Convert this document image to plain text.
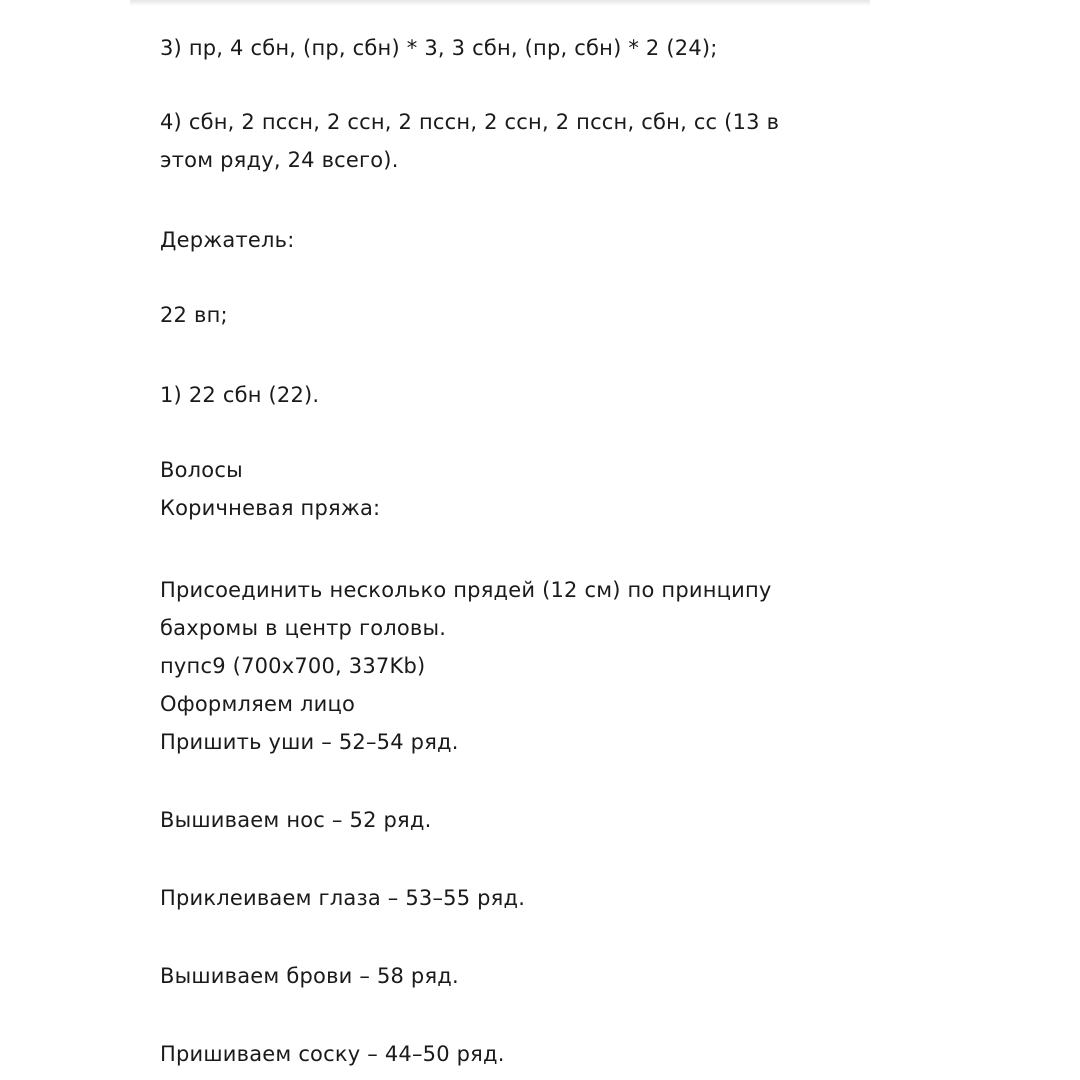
3) пр, 4 сбн, (пр, сбн) * 3, 3 сбн, (пр, сбн) * 2 (24);

4) сбн, 2 пссн, 2 ссн, 2 пссн, 2 ссн, 2 пссн, сбн, сс (13 в

этом ряду, 24 всего).

Держатель:

22 вп;

1) 22 сбн (22).

Волосы

Коричневая пряжа:

Присоединить несколько прядей (12 см) по принципу

бахромы в центр головы.

пупс9 (700x700, 337Kb)

Оформляем лицо

Пришить уши – 52–54 ряд.

Вышиваем нос – 52 ряд.

Приклеиваем глаза – 53–55 ряд.

Вышиваем брови – 58 ряд.

Пришиваем соску – 44–50 ряд.
